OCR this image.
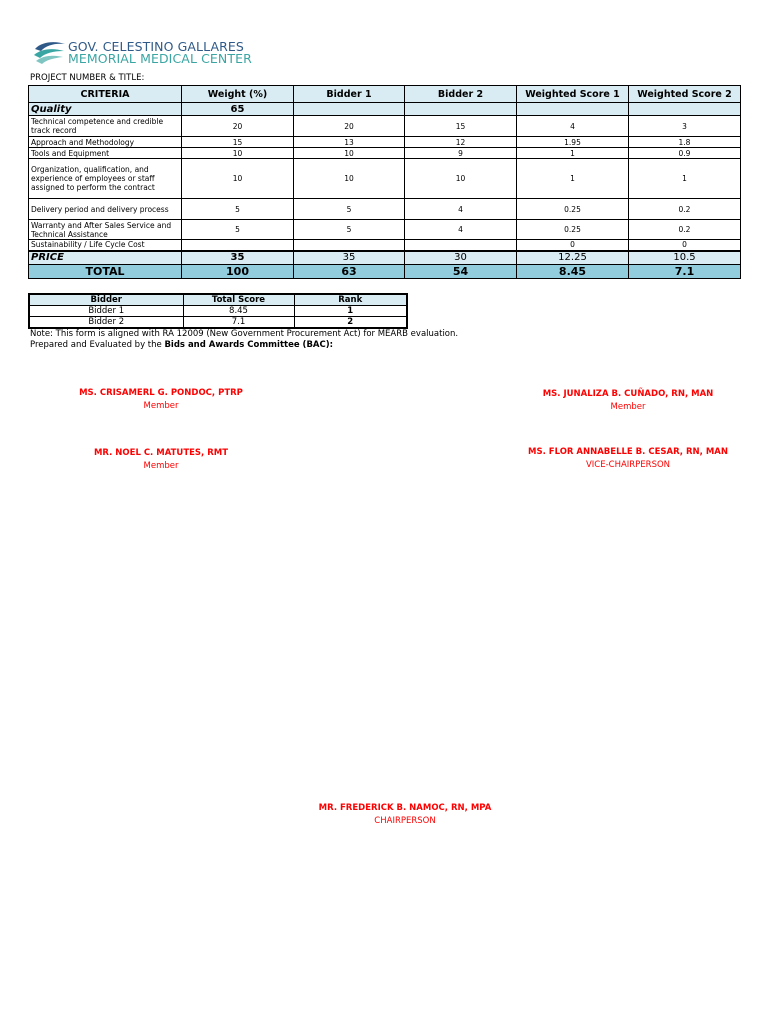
GOV. CELESTINO GALLARES
MEMORIAL MEDICAL CENTER
PROJECT NUMBER & TITLE:
CRITERIA	Weight (%)	Bidder 1	Bidder 2	Weighted Score 1	Weighted Score 2
Quality	65				
Technical competence and credible track record	20	20	15	4	3
Approach and Methodology	15	13	12	1.95	1.8
Tools and Equipment	10	10	9	1	0.9
Organization, qualification, and experience of employees or staff assigned to perform the contract	10	10	10	1	1
Delivery period and delivery process	5	5	4	0.25	0.2
Warranty and After Sales Service and Technical Assistance	5	5	4	0.25	0.2
Sustainability / Life Cycle Cost				0	0
PRICE	35	35	30	12.25	10.5
TOTAL	100	63	54	8.45	7.1
Bidder	Total Score	Rank
Bidder 1	8.45	1
Bidder 2	7.1	2
Note: This form is aligned with RA 12009 (New Government Procurement Act) for MEARB evaluation.
Prepared and Evaluated by the Bids and Awards Committee (BAC):
MS. CRISAMERL G. PONDOC, PTRP
Member
MS. JUNALIZA B. CUÑADO, RN, MAN
Member
MR. NOEL C. MATUTES, RMT
Member
MS. FLOR ANNABELLE B. CESAR, RN, MAN
VICE-CHAIRPERSON
MR. FREDERICK B. NAMOC, RN, MPA
CHAIRPERSON
